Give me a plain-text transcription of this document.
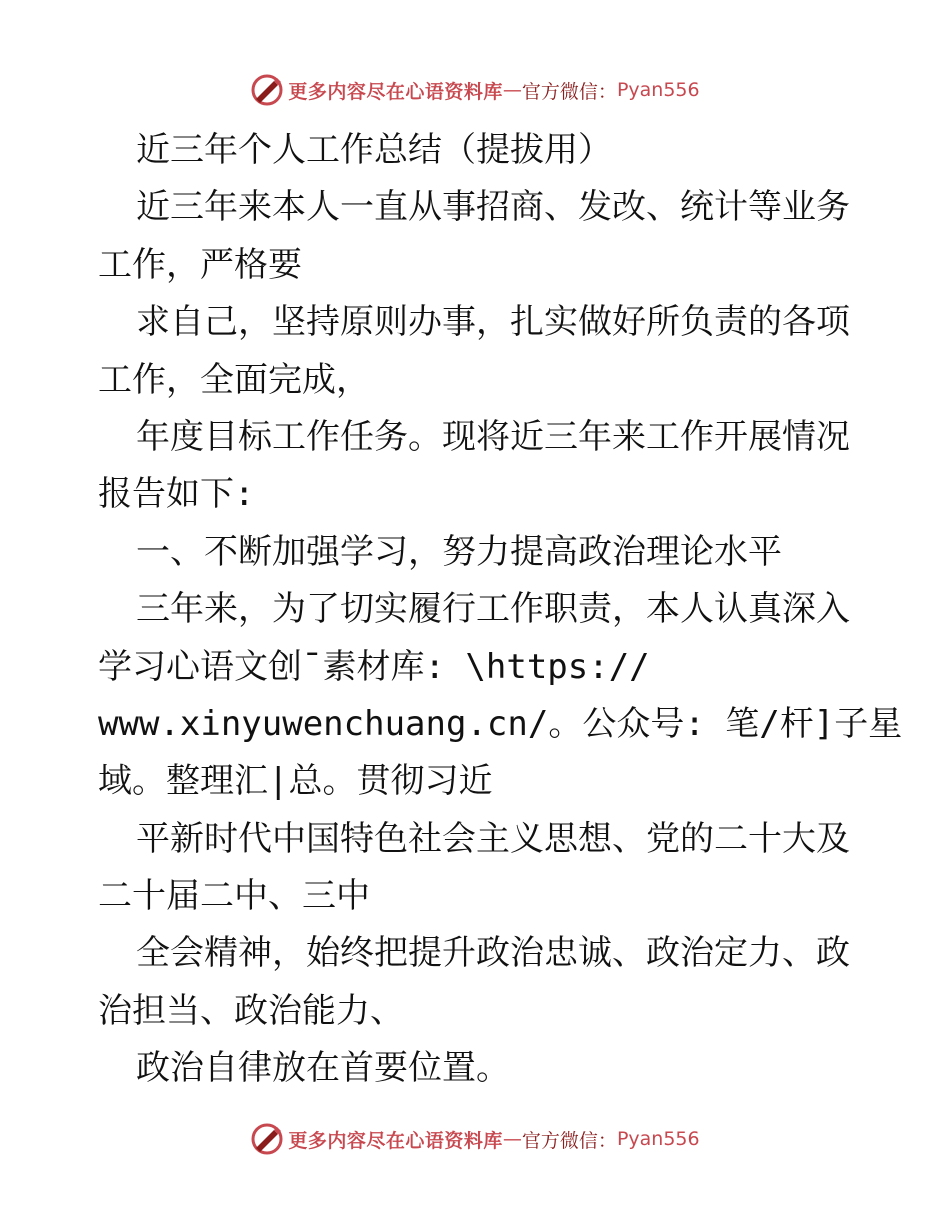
更多内容尽在心语资料库 — 官方微信： Pyan556
近三年个人工作总结（提拔用）
近三年来本人一直从事招商、发改、统计等业务
工作，严格要
求自己，坚持原则办事，扎实做好所负责的各项
工作，全面完成，
年度目标工作任务。现将近三年来工作开展情况
报告如下:
一、不断加强学习，努力提高政治理论水平
三年来，为了切实履行工作职责，本人认真深入
学习心语文创¯素材库: \https://
www.xinyuwenchuang.cn/。公众号: 笔/杆]子星
域。整理汇|总。贯彻习近
平新时代中国特色社会主义思想、党的二十大及
二十届二中、三中
全会精神，始终把提升政治忠诚、政治定力、政
治担当、政治能力、
政治自律放在首要位置。
更多内容尽在心语资料库 — 官方微信： Pyan556
